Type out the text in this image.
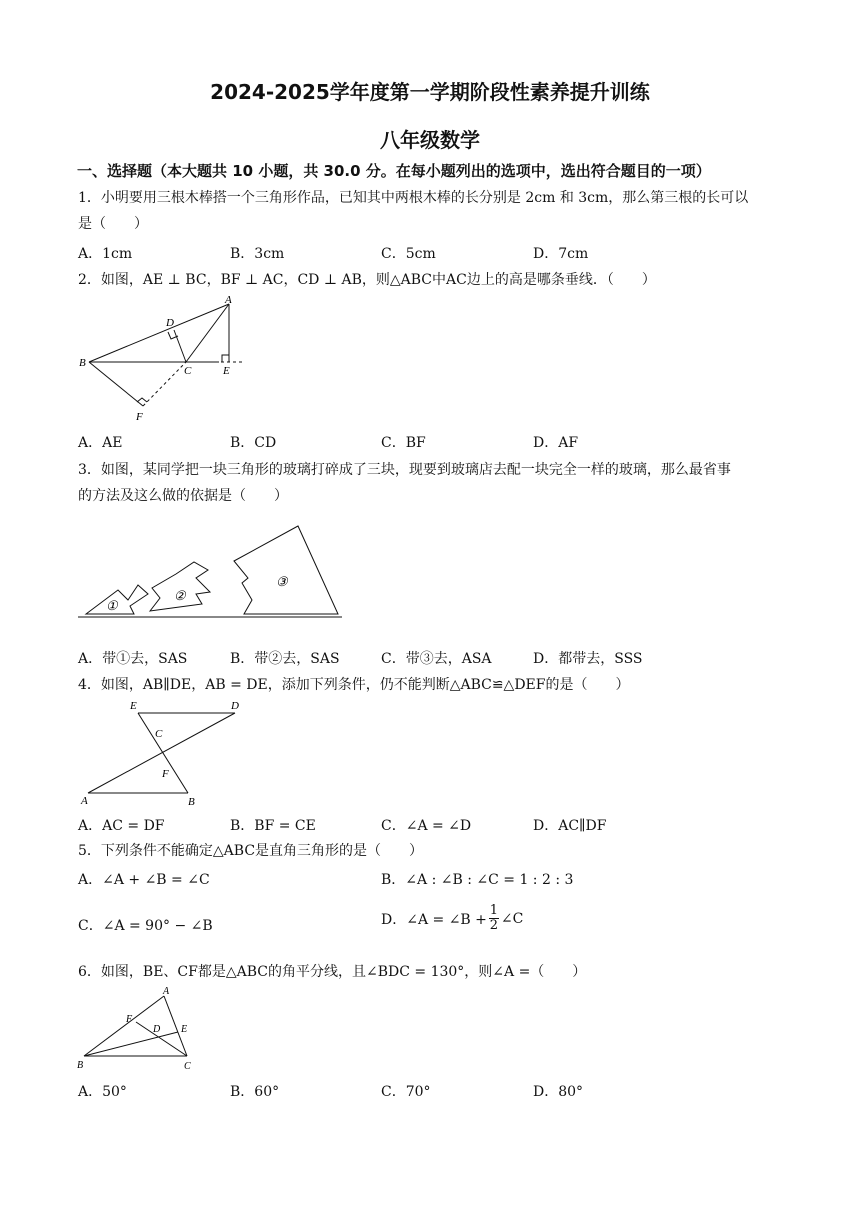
2024-2025学年度第一学期阶段性素养提升训练
八年级数学
一、选择题（本大题共 10 小题，共 30.0 分。在每小题列出的选项中，选出符合题目的一项）
1．小明要用三根木棒搭一个三角形作品，已知其中两根木棒的长分别是 2cm 和 3cm，那么第三根的长可以
是（　　）
A．1cm	B．3cm	C．5cm	D．7cm
2．如图，AE ⊥ BC，BF ⊥ AC，CD ⊥ AB，则△ABC中AC边上的高是哪条垂线．（　　）
A
D
B
C	E
F
A．AE	B．CD	C．BF	D．AF
3．如图，某同学把一块三角形的玻璃打碎成了三块，现要到玻璃店去配一块完全一样的玻璃，那么最省事
的方法及这么做的依据是（　　）
①
②
③
A．带①去，SAS	B．带②去，SAS	C．带③去，ASA	D．都带去，SSS
4．如图，AB∥DE，AB = DE，添加下列条件，仍不能判断△ABC≌△DEF的是（　　）
E	D
C
F
A	B
A．AC = DF	B．BF = CE	C．∠A = ∠D	D．AC∥DF
5．下列条件不能确定△ABC是直角三角形的是（　　）
A．∠A + ∠B = ∠C	B．∠A : ∠B : ∠C = 1 : 2 : 3
C．∠A = 90° − ∠B	D．∠A = ∠B + $\frac{1}{2}$ ∠C
6．如图，BE、CF都是△ABC的角平分线，且∠BDC = 130°，则∠A =（　　）
A
F
D E
B	C
A．50°	B．60°	C．70°	D．80°
